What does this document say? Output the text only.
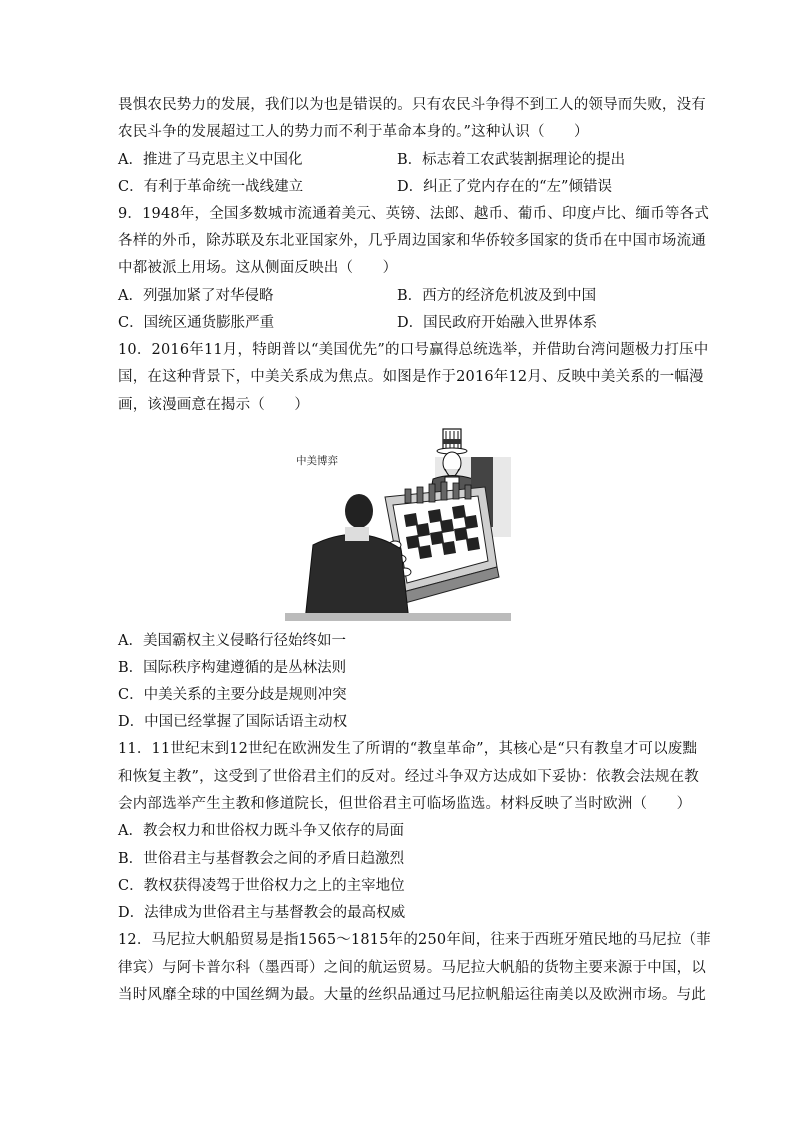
畏惧农民势力的发展，我们以为也是错误的。只有农民斗争得不到工人的领导而失败，没有
农民斗争的发展超过工人的势力而不利于革命本身的。”这种认识（　　）
A．推进了马克思主义中国化	B．标志着工农武装割据理论的提出
C．有利于革命统一战线建立	D．纠正了党内存在的“左”倾错误
9．1948年，全国多数城市流通着美元、英镑、法郎、越币、葡币、印度卢比、缅币等各式
各样的外币，除苏联及东北亚国家外，几乎周边国家和华侨较多国家的货币在中国市场流通
中都被派上用场。这从侧面反映出（　　）
A．列强加紧了对华侵略	B．西方的经济危机波及到中国
C．国统区通货膨胀严重	D．国民政府开始融入世界体系
10．2016年11月，特朗普以“美国优先”的口号赢得总统选举，并借助台湾问题极力打压中
国，在这种背景下，中美关系成为焦点。如图是作于2016年12月、反映中美关系的一幅漫
画，该漫画意在揭示（　　）
中美博弈
A．美国霸权主义侵略行径始终如一
B．国际秩序构建遵循的是丛林法则
C．中美关系的主要分歧是规则冲突
D．中国已经掌握了国际话语主动权
11．11世纪末到12世纪在欧洲发生了所谓的“教皇革命”，其核心是“只有教皇才可以废黜
和恢复主教”，这受到了世俗君主们的反对。经过斗争双方达成如下妥协：依教会法规在教
会内部选举产生主教和修道院长，但世俗君主可临场监选。材料反映了当时欧洲（　　）
A．教会权力和世俗权力既斗争又依存的局面
B．世俗君主与基督教会之间的矛盾日趋激烈
C．教权获得凌驾于世俗权力之上的主宰地位
D．法律成为世俗君主与基督教会的最高权威
12．马尼拉大帆船贸易是指1565～1815年的250年间，往来于西班牙殖民地的马尼拉（菲
律宾）与阿卡普尔科（墨西哥）之间的航运贸易。马尼拉大帆船的货物主要来源于中国，以
当时风靡全球的中国丝绸为最。大量的丝织品通过马尼拉帆船运往南美以及欧洲市场。与此
